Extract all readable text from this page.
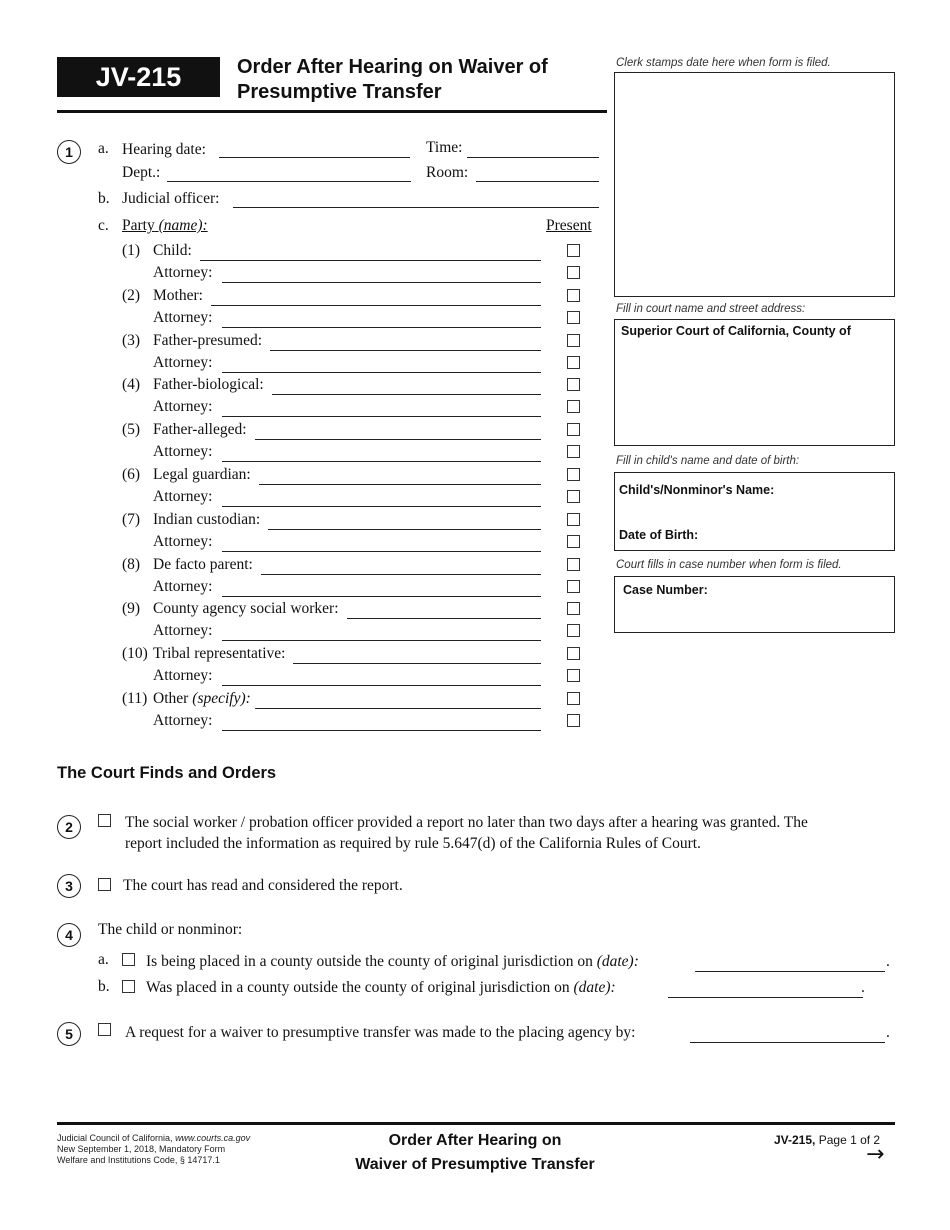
JV-215	Order After Hearing on Waiver of
Presumptive Transfer
Clerk stamps date here when form is filed.
Fill in court name and street address:
Superior Court of California, County of
Fill in child's name and date of birth:
Child's/Nonminor's Name:
Date of Birth:
Court fills in case number when form is filed.
Case Number:
1 a. Hearing date:	Time:
Dept.:	Room:
b. Judicial officer:
c. Party (name):	Present
(1) Child:
Attorney:
(2) Mother:
Attorney:
(3) Father-presumed:
Attorney:
(4) Father-biological:
Attorney:
(5) Father-alleged:
Attorney:
(6) Legal guardian:
Attorney:
(7) Indian custodian:
Attorney:
(8) De facto parent:
Attorney:
(9) County agency social worker:
Attorney:
(10) Tribal representative:
Attorney:
(11) Other (specify):
Attorney:
The Court Finds and Orders
2	The social worker / probation officer provided a report no later than two days after a hearing was granted. The
report included the information as required by rule 5.647(d) of the California Rules of Court.
3	The court has read and considered the report.
4 The child or nonminor:
a. Is being placed in a county outside the county of original jurisdiction on (date):	.
b. Was placed in a county outside the county of original jurisdiction on (date):	.
5	A request for a waiver to presumptive transfer was made to the placing agency by:	.
Judicial Council of California, www.courts.ca.gov
New September 1, 2018, Mandatory Form
Welfare and Institutions Code, § 14717.1
Order After Hearing on
Waiver of Presumptive Transfer
JV-215, Page 1 of 2
→
